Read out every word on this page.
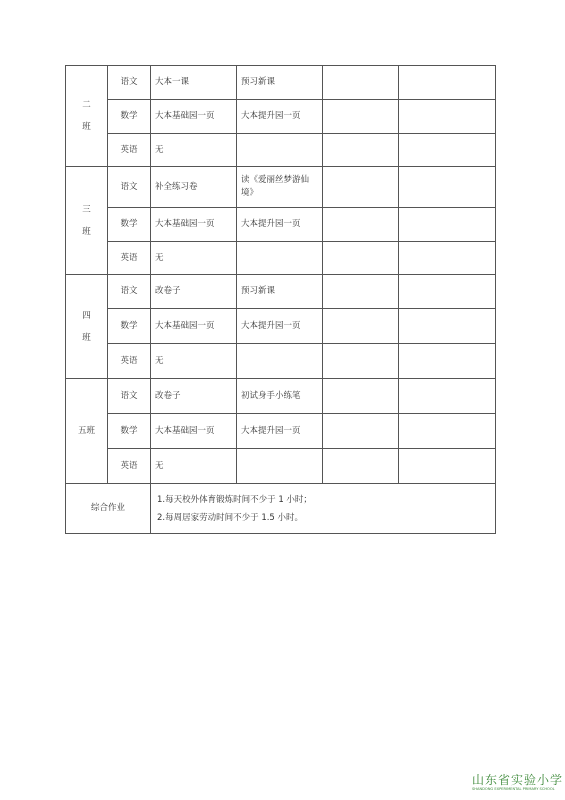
二
班	语文	大本一课	预习新课		
	数学	大本基础园一页	大本提升园一页		
	英语	无			

三
班	语文	补全练习卷	读《爱丽丝梦游仙境》		
	数学	大本基础园一页	大本提升园一页		
	英语	无			

四
班	语文	改卷子	预习新课		
	数学	大本基础园一页	大本提升园一页		
	英语	无			

五班	语文	改卷子	初试身手小练笔		
	数学	大本基础园一页	大本提升园一页		
	英语	无			
综合作业		1.每天校外体育锻炼时间不少于 1 小时；
2.每周居家劳动时间不少于 1.5 小时。			
山东省实验小学
SHANDONG EXPERIMENTAL PRIMARY SCHOOL
